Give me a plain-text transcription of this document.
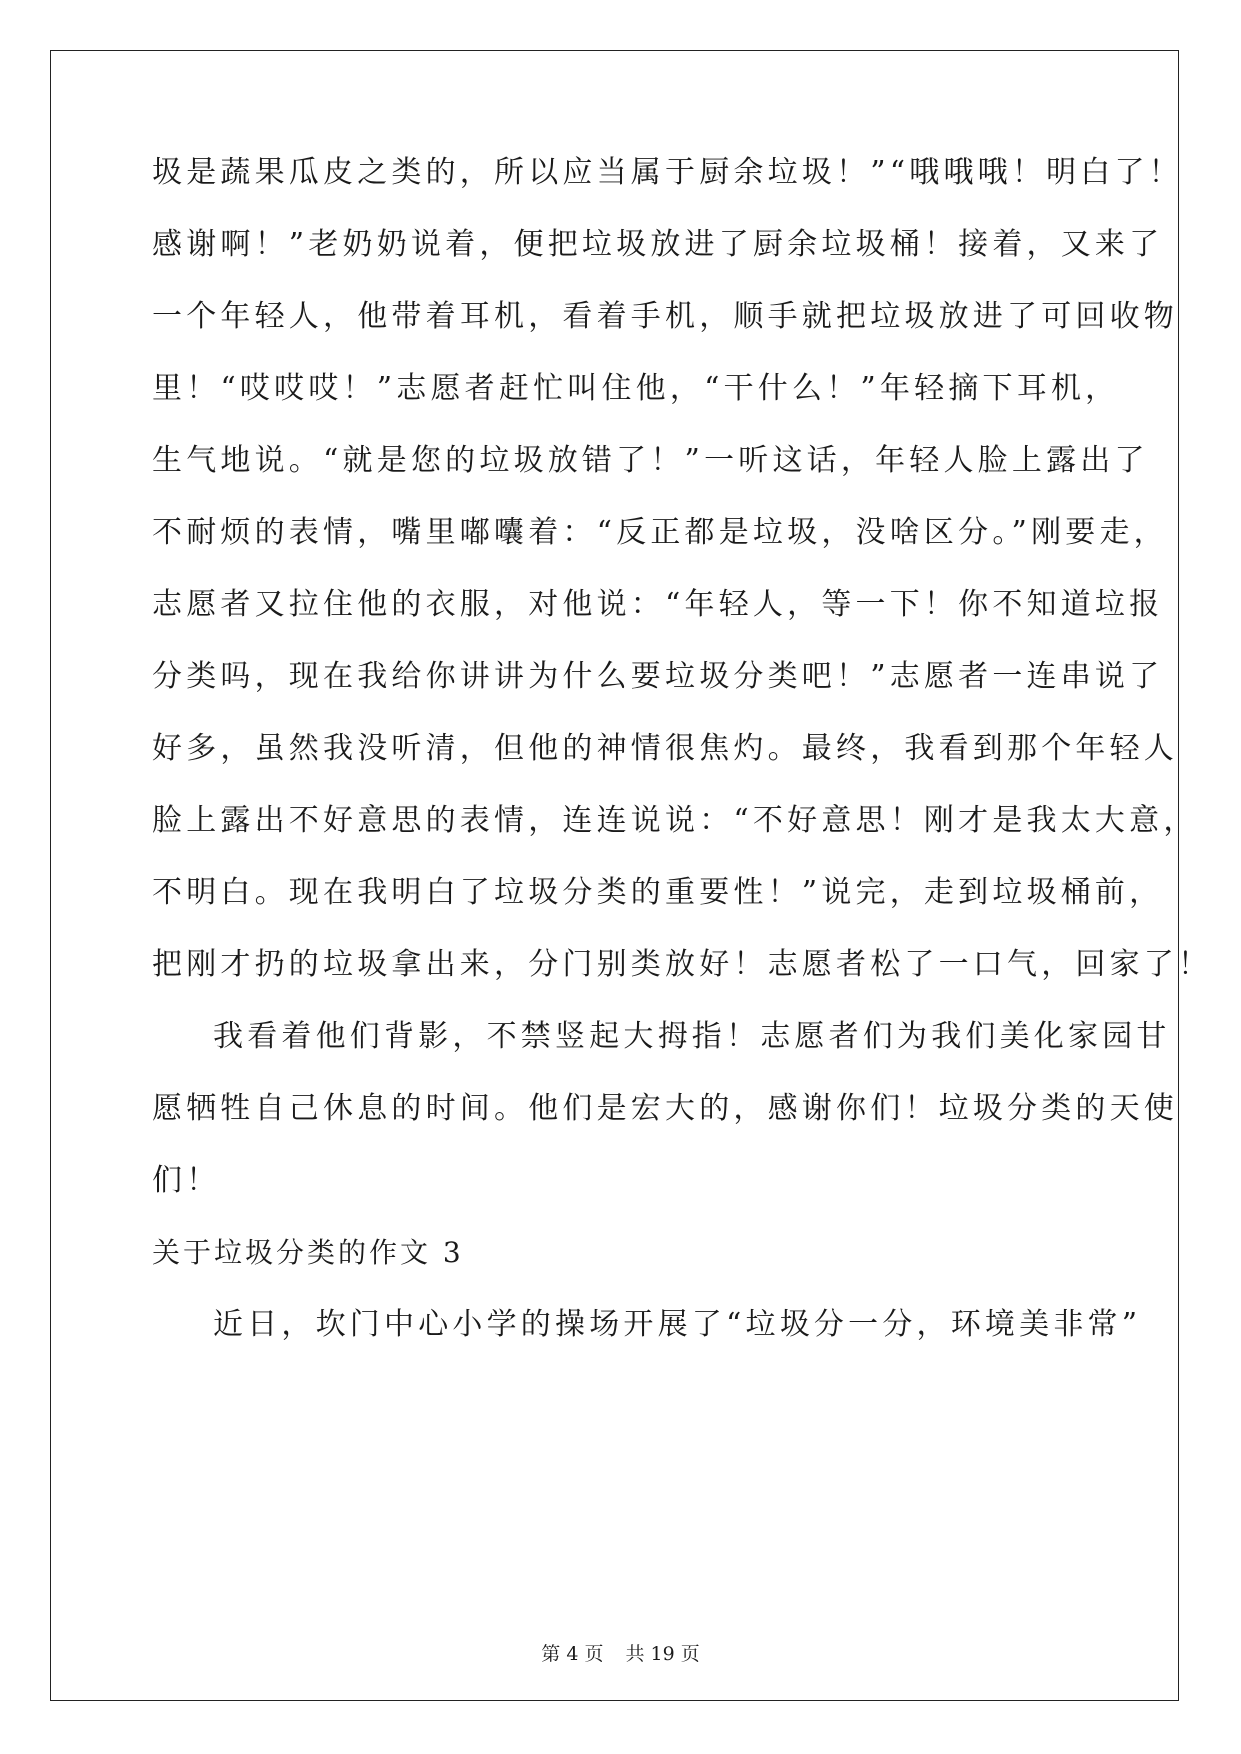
圾是蔬果瓜皮之类的，所以应当属于厨余垃圾！”“哦哦哦！明白了！
感谢啊！”老奶奶说着，便把垃圾放进了厨余垃圾桶！接着，又来了
一个年轻人，他带着耳机，看着手机，顺手就把垃圾放进了可回收物
里！“哎哎哎！”志愿者赶忙叫住他，“干什么！”年轻摘下耳机，
生气地说。“就是您的垃圾放错了！”一听这话，年轻人脸上露出了
不耐烦的表情，嘴里嘟囔着：“反正都是垃圾，没啥区分。”刚要走，
志愿者又拉住他的衣服，对他说：“年轻人，等一下！你不知道垃报
分类吗，现在我给你讲讲为什么要垃圾分类吧！”志愿者一连串说了
好多，虽然我没听清，但他的神情很焦灼。最终，我看到那个年轻人
脸上露出不好意思的表情，连连说说：“不好意思！刚才是我太大意，
不明白。现在我明白了垃圾分类的重要性！”说完，走到垃圾桶前，
把刚才扔的垃圾拿出来，分门别类放好！志愿者松了一口气，回家了！
我看着他们背影，不禁竖起大拇指！志愿者们为我们美化家园甘
愿牺牲自己休息的时间。他们是宏大的，感谢你们！垃圾分类的天使
们！
关于垃圾分类的作文 3
近日，坎门中心小学的操场开展了“垃圾分一分，环境美非常”
第 4 页 共 19 页
